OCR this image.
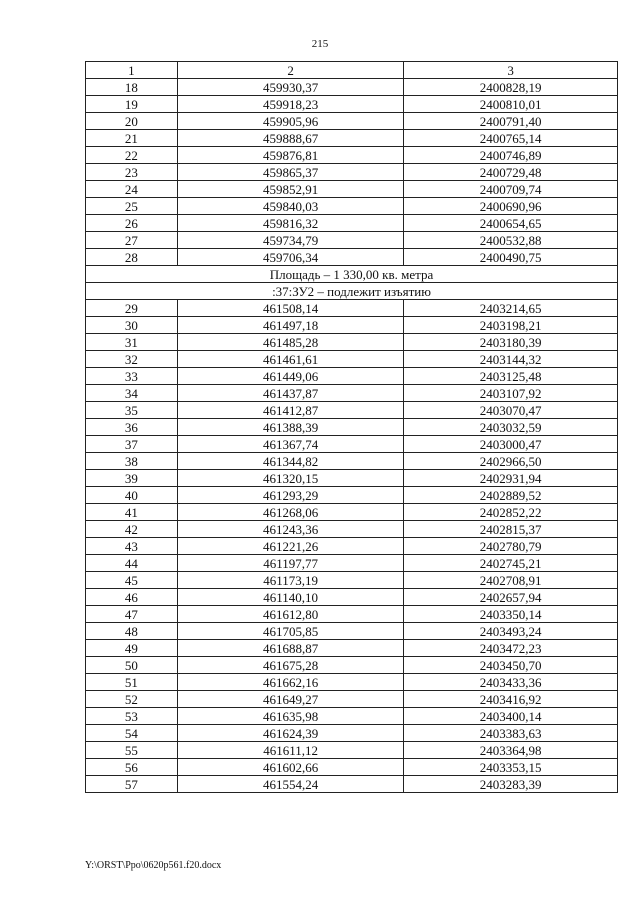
215
1	2	3
18	459930,37	2400828,19
19	459918,23	2400810,01
20	459905,96	2400791,40
21	459888,67	2400765,14
22	459876,81	2400746,89
23	459865,37	2400729,48
24	459852,91	2400709,74
25	459840,03	2400690,96
26	459816,32	2400654,65
27	459734,79	2400532,88
28	459706,34	2400490,75
Площадь – 1 330,00 кв. метра		
:37:ЗУ2 – подлежит изъятию		
29	461508,14	2403214,65
30	461497,18	2403198,21
31	461485,28	2403180,39
32	461461,61	2403144,32
33	461449,06	2403125,48
34	461437,87	2403107,92
35	461412,87	2403070,47
36	461388,39	2403032,59
37	461367,74	2403000,47
38	461344,82	2402966,50
39	461320,15	2402931,94
40	461293,29	2402889,52
41	461268,06	2402852,22
42	461243,36	2402815,37
43	461221,26	2402780,79
44	461197,77	2402745,21
45	461173,19	2402708,91
46	461140,10	2402657,94
47	461612,80	2403350,14
48	461705,85	2403493,24
49	461688,87	2403472,23
50	461675,28	2403450,70
51	461662,16	2403433,36
52	461649,27	2403416,92
53	461635,98	2403400,14
54	461624,39	2403383,63
55	461611,12	2403364,98
56	461602,66	2403353,15
57	461554,24	2403283,39
Y:\ORST\Ppo\0620p561.f20.docx
